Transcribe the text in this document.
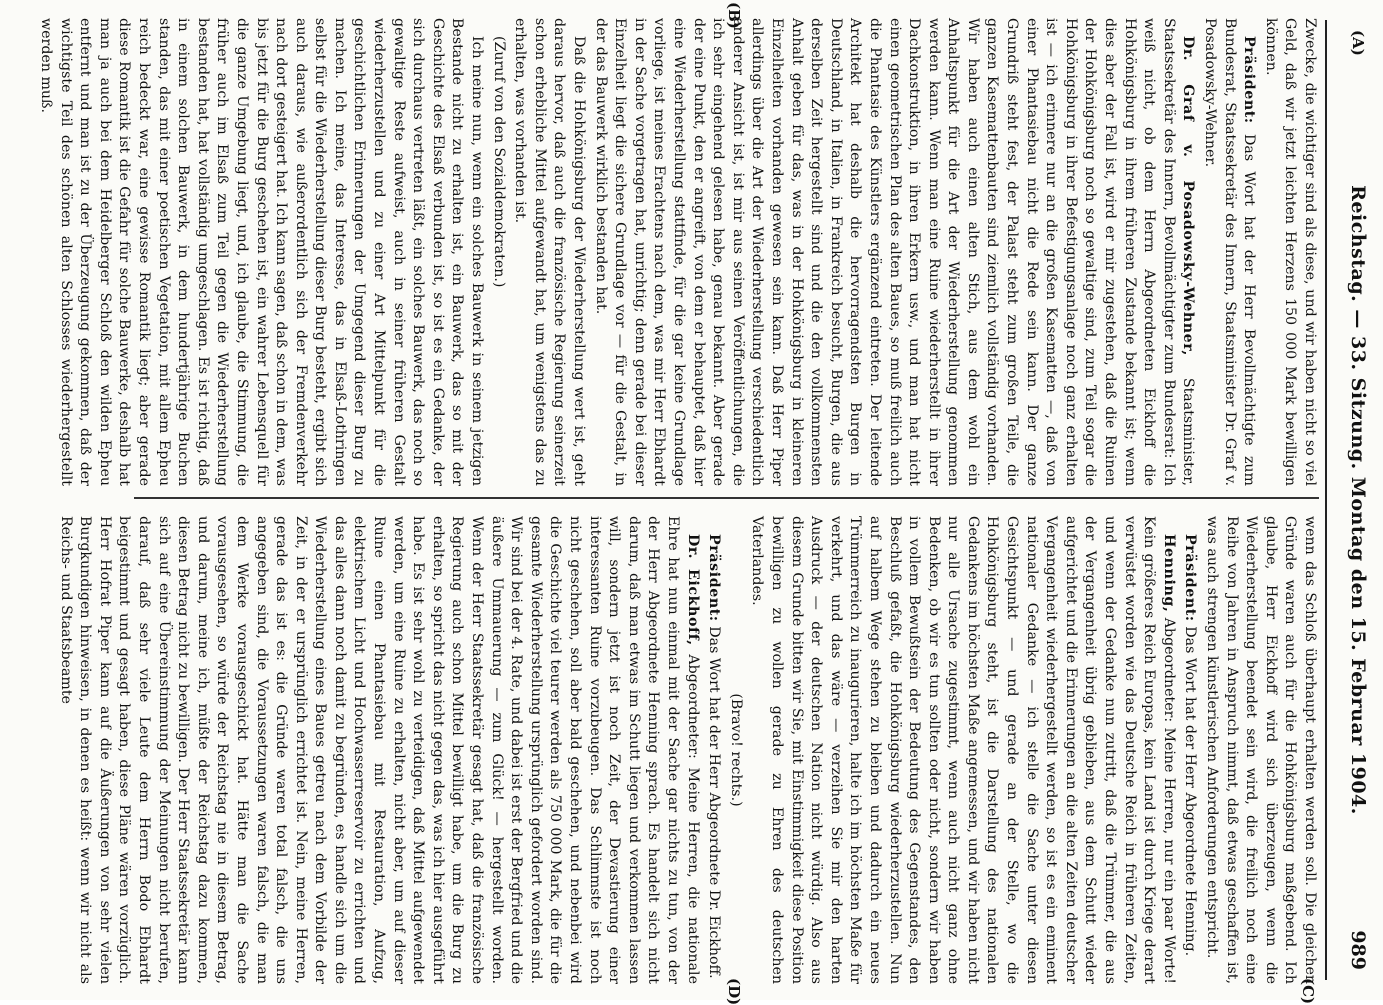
(A)
Reichstag. — 33. Sitzung. Montag den 15. Februar 1904.
989

Zwecke, die wichtiger sind als diese, und wir haben nicht so viel Geld, daß wir jetzt leichten Herzens 150 000 Mark bewilligen können.

Präsident: Das Wort hat der Herr Bevollmächtigte zum Bundesrat, Staatssekretär des Innern, Staatsminister Dr. Graf v. Posadowsky-Wehner.

Dr. Graf v. Posadowsky-Wehner, Staatsminister, Staatssekretär des Innern, Bevollmächtigter zum Bundesrat: Ich weiß nicht, ob dem Herrn Abgeordneten Eickhoff die Hohkönigsburg in ihrem früheren Zustande bekannt ist; wenn dies aber der Fall ist, wird er mir zugestehen, daß die Ruinen der Hohkönigsburg noch so gewaltige sind, zum Teil sogar die Hohkönigsburg in ihrer Befestigungsanlage noch ganz erhalten ist — ich erinnere nur an die großen Kasematten —, daß von einer Phantasiebau nicht die Rede sein kann. Der ganze Grundriß steht fest, der Palast steht zum großen Teile, die ganzen Kasemattenbauten sind ziemlich vollständig vorhanden. Wir haben auch einen alten Stich, aus dem wohl ein Anhaltspunkt für die Art der Wiederherstellung genommen werden kann. Wenn man eine Ruine wiederherstellt in ihrer Dachkonstruktion, in ihren Erkern usw., und man hat nicht einen geometrischen Plan des alten Baues, so muß freilich auch die Phantasie des Künstlers ergänzend eintreten. Der leitende Architekt hat deshalb die hervorragendsten Burgen in Deutschland, in Italien, in Frankreich besucht, Burgen, die aus derselben Zeit hergestellt sind und die den vollkommensten Anhalt geben für das, was in der Hohkönigsburg in kleineren Einzelheiten vorhanden gewesen sein kann. Daß Herr Piper allerdings über die Art der Wiederherstellung verschiedentlich anderer Ansicht ist, ist mir aus seinen Veröffentlichungen, die ich sehr eingehend gelesen habe, genau bekannt. Aber gerade der eine Punkt, den er angreift, von dem er behauptet, daß hier eine Wiederherstellung stattfinde, für die gar keine Grundlage vorliege, ist meines Erachtens nach dem, was mir Herr Ebhardt in der Sache vorgetragen hat, unrichtig; denn gerade bei dieser Einzelheit liegt die sichere Grundlage vor — für die Gestalt, in der das Bauwerk wirklich bestanden hat.

Daß die Hohkönigsburg der Wiederherstellung wert ist, geht daraus hervor, daß auch die französische Regierung seinerzeit schon erhebliche Mittel aufgewandt hat, um wenigstens das zu erhalten, was vorhanden ist.

(Zuruf von den Sozialdemokraten.)

Ich meine nun, wenn ein solches Bauwerk in seinem jetzigen Bestande nicht zu erhalten ist, ein Bauwerk, das so mit der Geschichte des Elsaß verbunden ist, so ist es ein Gedanke, der sich durchaus vertreten läßt, ein solches Bauwerk, das noch so gewaltige Reste aufweist, auch in seiner früheren Gestalt wiederherzustellen und zu einer Art Mittelpunkt für die geschichtlichen Erinnerungen der Umgegend dieser Burg zu machen. Ich meine, das Interesse, das in Elsaß-Lothringen selbst für die Wiederherstellung dieser Burg besteht, ergibt sich auch daraus, wie außerordentlich sich der Fremdenverkehr nach dort gesteigert hat. Ich kann sagen, daß schon in dem, was bis jetzt für die Burg geschehen ist, ein wahrer Lebensquell für die ganze Umgebung liegt, und, ich glaube, die Stimmung, die früher auch im Elsaß zum Teil gegen die Wiederherstellung bestanden hat, hat vollständig umgeschlagen. Es ist richtig, daß in einem solchen Bauwerk, in dem hundertjährige Buchen standen, das mit einer poetischen Vegetation, mit allem Epheu reich bedeckt war, eine gewisse Romantik liegt; aber gerade diese Romantik ist die Gefahr für solche Bauwerke, deshalb hat man ja auch bei dem Heidelberger Schloß den wilden Epheu entfernt und man ist zu der Überzeugung gekommen, daß der wichtigste Teil des schönen alten Schlosses wiederhergestellt werden muß.

wenn das Schloß überhaupt erhalten werden soll. Die gleichen Gründe waren auch für die Hohkönigsburg maßgebend. Ich glaube, Herr Eickhoff wird sich überzeugen, wenn die Wiederherstellung beendet sein wird, die freilich noch eine Reihe von Jahren in Anspruch nimmt, daß etwas geschaffen ist, was auch strengen künstlerischen Anforderungen entspricht.

Präsident: Das Wort hat der Herr Abgeordnete Henning.

Henning, Abgeordneter: Meine Herren, nur ein paar Worte! Kein größeres Reich Europas, kein Land ist durch Kriege derart verwüstet worden wie das Deutsche Reich in früheren Zeiten, und wenn der Gedanke nun zutritt, daß die Trümmer, die aus der Vergangenheit übrig geblieben, aus dem Schutt wieder aufgerichtet und die Erinnerungen an die alten Zeiten deutscher Vergangenheit wiederhergestellt werden, so ist es ein eminent nationaler Gedanke — ich stelle die Sache unter diesen Gesichtspunkt — und gerade an der Stelle, wo die Hohkönigsburg steht, ist die Darstellung des nationalen Gedankens im höchsten Maße angemessen, und wir haben nicht nur alle Ursache zugestimmt, wenn auch nicht ganz ohne Bedenken, ob wir es tun sollten oder nicht, sondern wir haben in vollem Bewußtsein der Bedeutung des Gegenstandes, den Beschluß gefaßt, die Hohkönigsburg wiederherzustellen. Nun auf halbem Wege stehen zu bleiben und dadurch ein neues Trümmerreich zu inaugurieren, halte ich im höchsten Maße für verkehrt, und das wäre — verzeihen Sie mir den harten Ausdruck — der deutschen Nation nicht würdig. Also aus diesem Grunde bitten wir Sie, mit Einstimmigkeit diese Position bewilligen zu wollen gerade zu Ehren des deutschen Vaterlandes.

(Bravo! rechts.)

Präsident: Das Wort hat der Herr Abgeordnete Dr. Eickhoff.

Dr. Eickhoff, Abgeordneter: Meine Herren, die nationale Ehre hat nun einmal mit der Sache gar nichts zu tun, von der der Herr Abgeordnete Henning sprach. Es handelt sich nicht darum, daß man etwas im Schutt liegen und verkommen lassen will, sondern jetzt ist noch Zeit, der Devastierung einer interessanten Ruine vorzubeugen. Das Schlimmste ist noch nicht geschehen, soll aber bald geschehen, und nebenbei wird die Geschichte viel teurer werden als 750 000 Mark, die für die gesamte Wiederherstellung ursprünglich gefordert worden sind. Wir sind bei der 4. Rate, und dabei ist erst der Bergfried und die äußere Ummauerung — zum Glück! — hergestellt worden. Wenn der Herr Staatssekretär gesagt hat, daß die französische Regierung auch schon Mittel bewilligt habe, um die Burg zu erhalten, so spricht das nicht gegen das, was ich hier ausgeführt habe. Es ist sehr wohl zu verteidigen, daß Mittel aufgewendet werden, um eine Ruine zu erhalten, nicht aber, um auf dieser Ruine einen Phantasiebau mit Restauration, Aufzug, elektrischem Licht und Hochwasserreservoir zu errichten und das alles dann noch damit zu begründen, es handle sich um die Wiederherstellung eines Baues getreu nach dem Vorbilde der Zeit, in der er ursprünglich errichtet ist. Nein, meine Herren, gerade das ist es: die Gründe waren total falsch, die uns angegeben sind, die Voraussetzungen waren falsch, die man dem Werke vorausgeschickt hat. Hätte man die Sache vorausgesehen, so würde der Reichstag nie in diesem Betrag, und darum, meine ich, müßte der Reichstag dazu kommen, diesen Betrag nicht zu bewilligen. Der Herr Staatssekretär kann sich auf eine Übereinstimmung der Meinungen nicht berufen, darauf, daß sehr viele Leute dem Herrn Bodo Ebhardt beigestimmt und gesagt haben, diese Pläne wären vorzüglich. Herr Hofrat Piper kann auf die Äußerungen von sehr vielen Burgkundigen hinweisen, in denen es heißt: wenn wir nicht als Reichs- und Staatsbeamte

(B)
(C)
(D)
